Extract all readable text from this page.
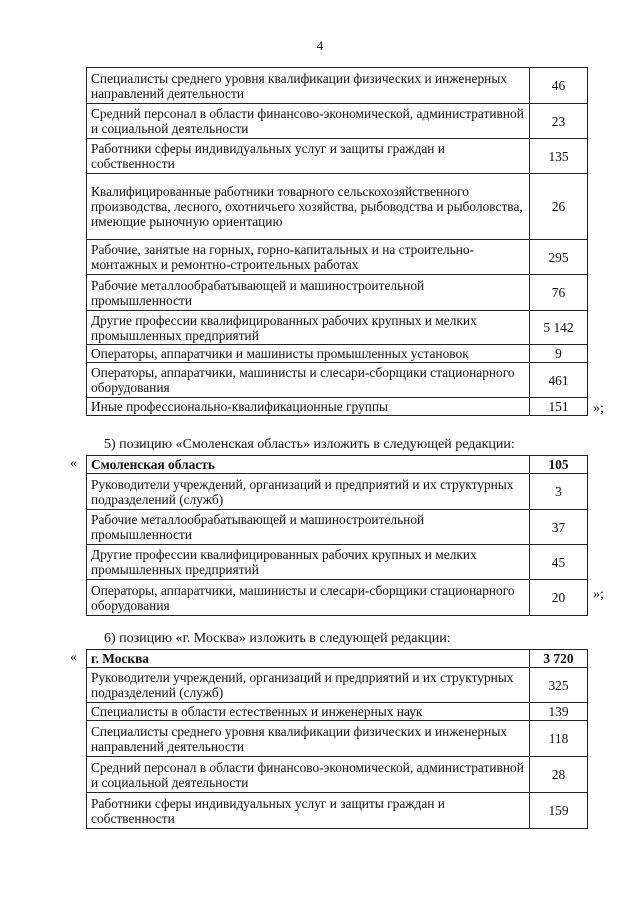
4
Специалисты среднего уровня квалификации физических и инженерных направлений деятельности	46
Средний персонал в области финансово-экономической, административной и социальной деятельности	23
Работники сферы индивидуальных услуг и защиты граждан и собственности	135
Квалифицированные работники товарного сельскохозяйственного производства, лесного, охотничьего хозяйства, рыбоводства и рыболовства, имеющие рыночную ориентацию	26
Рабочие, занятые на горных, горно-капитальных и на строительно-монтажных и ремонтно-строительных работах	295
Рабочие металлообрабатывающей и машиностроительной промышленности	76
Другие профессии квалифицированных рабочих крупных и мелких промышленных предприятий	5 142
Операторы, аппаратчики и машинисты промышленных установок	9
Операторы, аппаратчики, машинисты и слесари-сборщики стационарного оборудования	461
Иные профессионально-квалификационные группы	151 »;
5) позицию «Смоленская область» изложить в следующей редакции:
« Смоленская область	105
Руководители учреждений, организаций и предприятий и их структурных подразделений (служб)	3
Рабочие металлообрабатывающей и машиностроительной промышленности	37
Другие профессии квалифицированных рабочих крупных и мелких промышленных предприятий	45
Операторы, аппаратчики, машинисты и слесари-сборщики стационарного оборудования	20 »;
6) позицию «г. Москва» изложить в следующей редакции:
« г. Москва	3 720
Руководители учреждений, организаций и предприятий и их структурных подразделений (служб)	325
Специалисты в области естественных и инженерных наук	139
Специалисты среднего уровня квалификации физических и инженерных направлений деятельности	118
Средний персонал в области финансово-экономической, административной и социальной деятельности	28
Работники сферы индивидуальных услуг и защиты граждан и собственности	159
